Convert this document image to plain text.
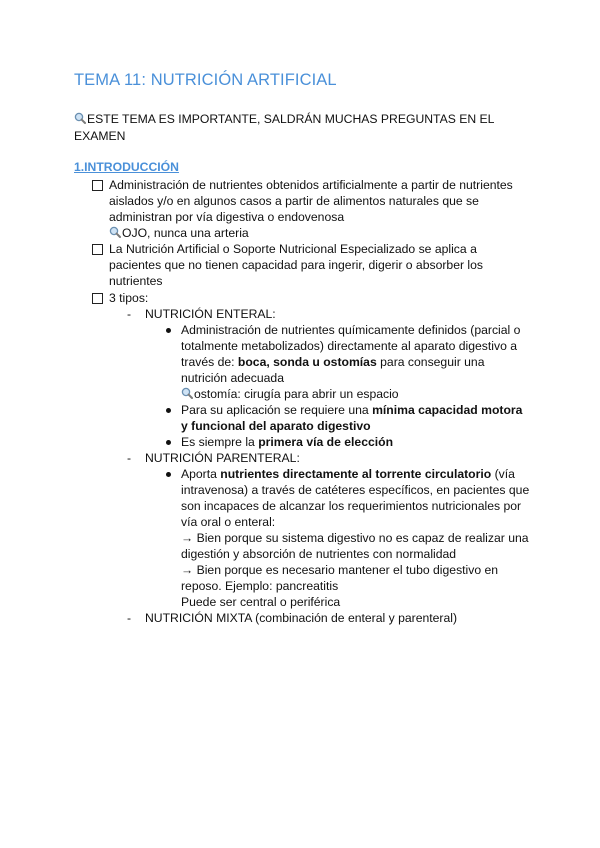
TEMA 11: NUTRICIÓN ARTIFICIAL
ESTE TEMA ES IMPORTANTE, SALDRÁN MUCHAS PREGUNTAS EN EL EXAMEN
1.INTRODUCCIÓN
Administración de nutrientes obtenidos artificialmente a partir de nutrientes aislados y/o en algunos casos a partir de alimentos naturales que se administran por vía digestiva o endovenosa
OJO, nunca una arteria
La Nutrición Artificial o Soporte Nutricional Especializado se aplica a pacientes que no tienen capacidad para ingerir, digerir o absorber los nutrientes
3 tipos:
- NUTRICIÓN ENTERAL:
Administración de nutrientes químicamente definidos (parcial o totalmente metabolizados) directamente al aparato digestivo a través de: boca, sonda u ostomías para conseguir una nutrición adecuada
ostomía: cirugía para abrir un espacio
Para su aplicación se requiere una mínima capacidad motora y funcional del aparato digestivo
Es siempre la primera vía de elección
- NUTRICIÓN PARENTERAL:
Aporta nutrientes directamente al torrente circulatorio (vía intravenosa) a través de catéteres específicos, en pacientes que son incapaces de alcanzar los requerimientos nutricionales por vía oral o enteral:
→ Bien porque su sistema digestivo no es capaz de realizar una digestión y absorción de nutrientes con normalidad
→ Bien porque es necesario mantener el tubo digestivo en reposo. Ejemplo: pancreatitis
Puede ser central o periférica
- NUTRICIÓN MIXTA (combinación de enteral y parenteral)
